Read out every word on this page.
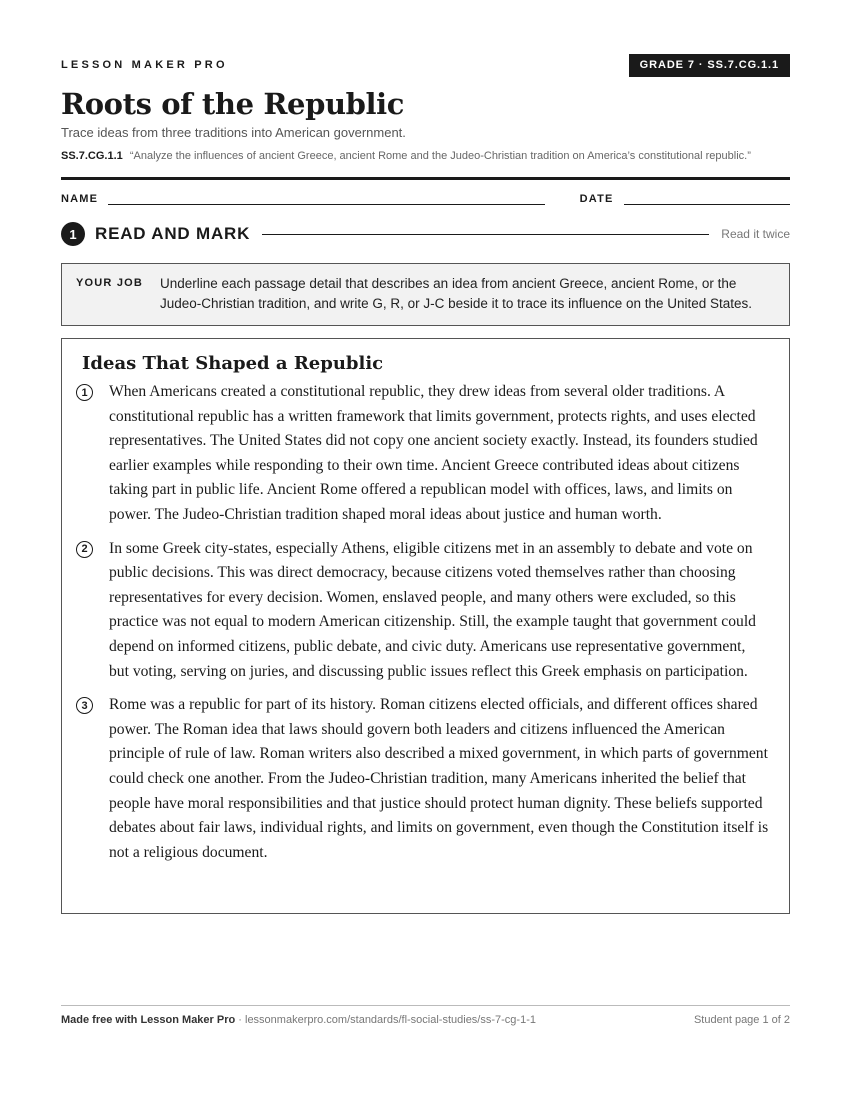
LESSON MAKER PRO	GRADE 7 · SS.7.CG.1.1
Roots of the Republic
Trace ideas from three traditions into American government.
SS.7.CG.1.1 “Analyze the influences of ancient Greece, ancient Rome and the Judeo-Christian tradition on America’s constitutional republic.”
NAME	DATE
1	READ AND MARK	Read it twice
YOUR JOB	Underline each passage detail that describes an idea from ancient Greece, ancient Rome, or the Judeo-Christian tradition, and write G, R, or J-C beside it to trace its influence on the United States.
Ideas That Shaped a Republic
1	When Americans created a constitutional republic, they drew ideas from several older traditions. A constitutional republic has a written framework that limits government, protects rights, and uses elected representatives. The United States did not copy one ancient society exactly. Instead, its founders studied earlier examples while responding to their own time. Ancient Greece contributed ideas about citizens taking part in public life. Ancient Rome offered a republican model with offices, laws, and limits on power. The Judeo-Christian tradition shaped moral ideas about justice and human worth.
2	In some Greek city-states, especially Athens, eligible citizens met in an assembly to debate and vote on public decisions. This was direct democracy, because citizens voted themselves rather than choosing representatives for every decision. Women, enslaved people, and many others were excluded, so this practice was not equal to modern American citizenship. Still, the example taught that government could depend on informed citizens, public debate, and civic duty. Americans use representative government, but voting, serving on juries, and discussing public issues reflect this Greek emphasis on participation.
3	Rome was a republic for part of its history. Roman citizens elected officials, and different offices shared power. The Roman idea that laws should govern both leaders and citizens influenced the American principle of rule of law. Roman writers also described a mixed government, in which parts of government could check one another. From the Judeo-Christian tradition, many Americans inherited the belief that people have moral responsibilities and that justice should protect human dignity. These beliefs supported debates about fair laws, individual rights, and limits on government, even though the Constitution itself is not a religious document.
Made free with Lesson Maker Pro · lessonmakerpro.com/standards/fl-social-studies/ss-7-cg-1-1	Student page 1 of 2
